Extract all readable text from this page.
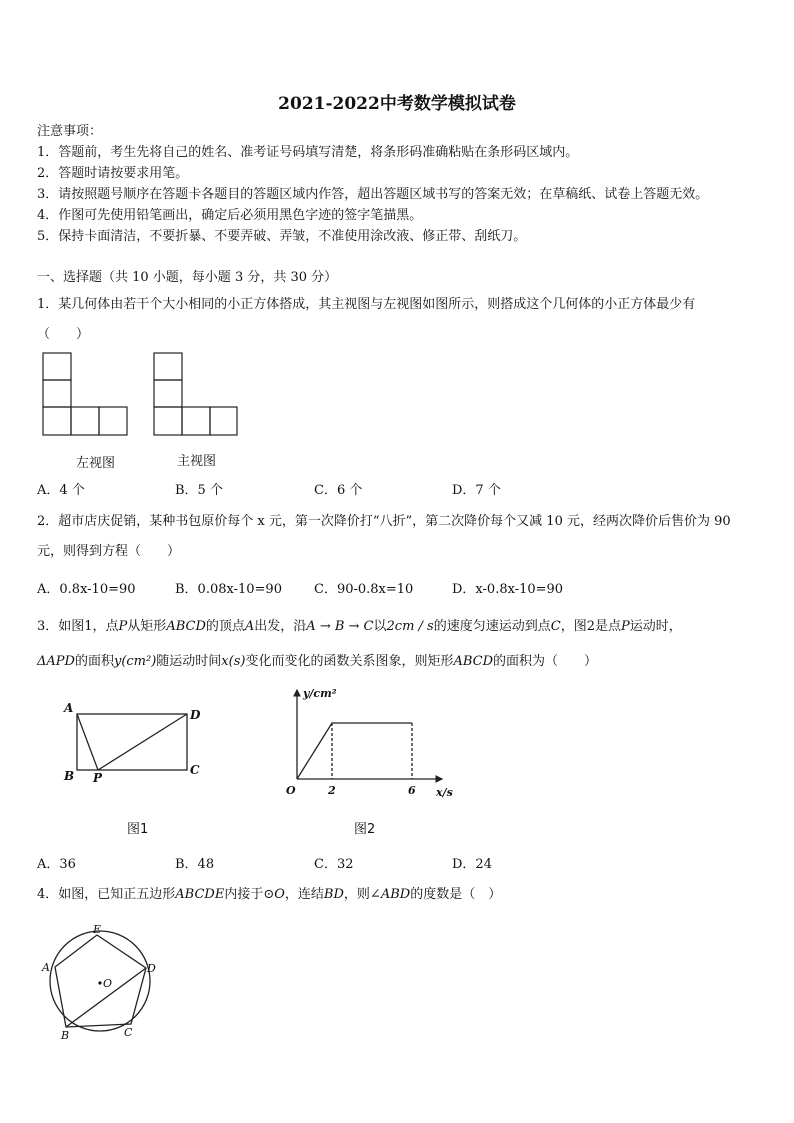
2021-2022中考数学模拟试卷
注意事项：
1．答题前，考生先将自己的姓名、准考证号码填写清楚，将条形码准确粘贴在条形码区域内。
2．答题时请按要求用笔。
3．请按照题号顺序在答题卡各题目的答题区域内作答，超出答题区域书写的答案无效；在草稿纸、试卷上答题无效。
4．作图可先使用铅笔画出，确定后必须用黑色字迹的签字笔描黑。
5．保持卡面清洁，不要折暴、不要弄破、弄皱，不准使用涂改液、修正带、刮纸刀。
一、选择题（共 10 小题，每小题 3 分，共 30 分）
1．某几何体由若干个大小相同的小正方体搭成，其主视图与左视图如图所示，则搭成这个几何体的小正方体最少有
（　　）
左视图	主视图
A．4 个	B．5 个	C．6 个	D．7 个
2．超市店庆促销，某种书包原价每个 x 元，第一次降价打“八折”，第二次降价每个又减 10 元，经两次降价后售价为 90
元，则得到方程（　　）
A．0.8x-10=90	B．0.08x-10=90 C．90-0.8x=10	D．x-0.8x-10=90
3．如图1，点P从矩形ABCD的顶点A出发，沿A → B → C以2cm / s的速度匀速运动到点C，图2是点P运动时，
ΔAPD的面积y(cm²)随运动时间x(s)变化而变化的函数关系图象，则矩形ABCD的面积为（　　）
A	D
B P
C
图1
y/cm²
x/s
O	2	6
图2
A．36	B．48	C．32	D．24
4．如图，已知正五边形ABCDE内接于⊙O，连结BD，则∠ABD的度数是（　）
E
D
A
B	C
O
